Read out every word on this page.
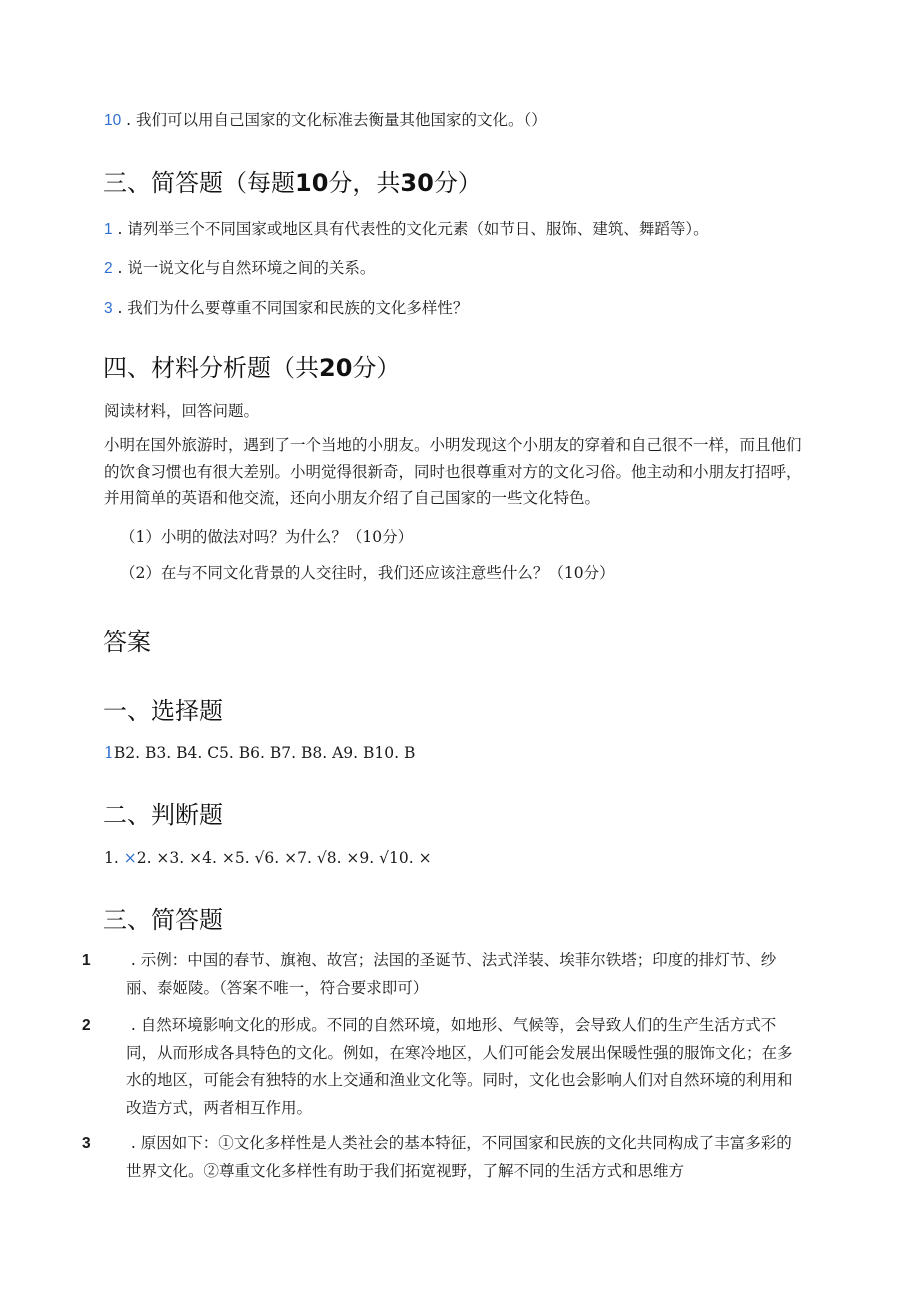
10 . 我们可以用自己国家的文化标准去衡量其他国家的文化。（）
三、简答题（每题10分，共30分）
1 . 请列举三个不同国家或地区具有代表性的文化元素（如节日、服饰、建筑、舞蹈等）。
2 . 说一说文化与自然环境之间的关系。
3 . 我们为什么要尊重不同国家和民族的文化多样性？
四、材料分析题（共20分）
阅读材料，回答问题。

小明在国外旅游时，遇到了一个当地的小朋友。小明发现这个小朋友的穿着和自己很不一样，而且他们的饮食习惯也有很大差别。小明觉得很新奇，同时也很尊重对方的文化习俗。他主动和小朋友打招呼，并用简单的英语和他交流，还向小朋友介绍了自己国家的一些文化特色。

（1）小明的做法对吗？为什么？（10分）
（2）在与不同文化背景的人交往时，我们还应该注意些什么？（10分）
答案
一、选择题
1B2. B3. B4. C5. B6. B7. B8. A9. B10. B
二、判断题
1. ×2. ×3. ×4. ×5. √6. ×7. √8. ×9. √10. ×
三、简答题
1 . 示例：中国的春节、旗袍、故宫；法国的圣诞节、法式洋装、埃菲尔铁塔；印度的排灯节、纱丽、泰姬陵。（答案不唯一，符合要求即可）
2 . 自然环境影响文化的形成。不同的自然环境，如地形、气候等，会导致人们的生产生活方式不同，从而形成各具特色的文化。例如，在寒冷地区，人们可能会发展出保暖性强的服饰文化；在多水的地区，可能会有独特的水上交通和渔业文化等。同时，文化也会影响人们对自然环境的利用和改造方式，两者相互作用。
3 . 原因如下：①文化多样性是人类社会的基本特征，不同国家和民族的文化共同构成了丰富多彩的世界文化。②尊重文化多样性有助于我们拓宽视野，了解不同的生活方式和思维方
